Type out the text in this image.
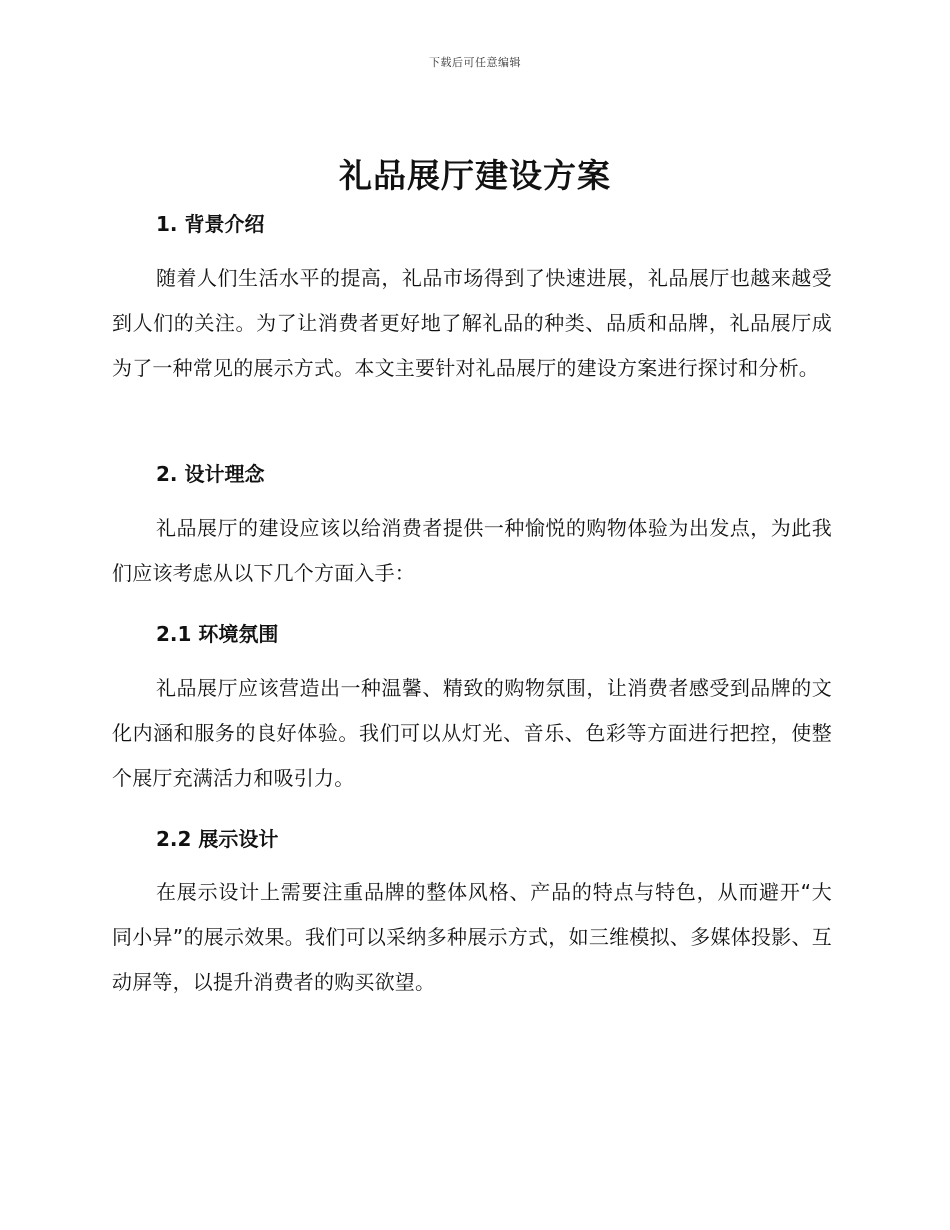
下载后可任意编辑
礼品展厅建设方案
1. 背景介绍

随着人们生活水平的提高，礼品市场得到了快速进展，礼品展厅也越来越受到人们的关注。为了让消费者更好地了解礼品的种类、品质和品牌，礼品展厅成为了一种常见的展示方式。本文主要针对礼品展厅的建设方案进行探讨和分析。

2. 设计理念

礼品展厅的建设应该以给消费者提供一种愉悦的购物体验为出发点，为此我们应该考虑从以下几个方面入手：

2.1 环境氛围

礼品展厅应该营造出一种温馨、精致的购物氛围，让消费者感受到品牌的文化内涵和服务的良好体验。我们可以从灯光、音乐、色彩等方面进行把控，使整个展厅充满活力和吸引力。

2.2 展示设计

在展示设计上需要注重品牌的整体风格、产品的特点与特色，从而避开“大同小异”的展示效果。我们可以采纳多种展示方式，如三维模拟、多媒体投影、互动屏等，以提升消费者的购买欲望。
